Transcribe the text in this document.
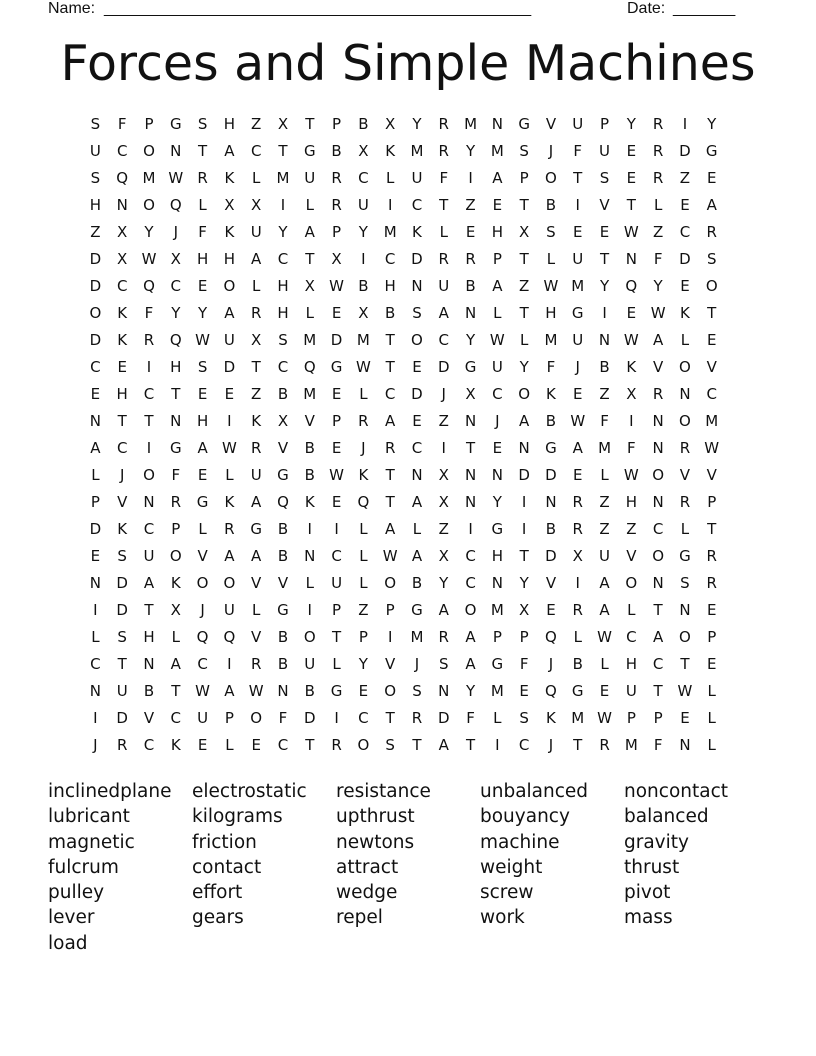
Name: ________________________________________________	Date: _______
Forces and Simple Machines
S	F	P	G	S	H	Z	X	T	P	B	X	Y	R	M N	G	V	U	P	Y	R	I	Y
U	C	O	N	T	A	C	T	G	B	X	K	M	R	Y	M	S	J	F	U	E	R	D	G
S	Q M W R	K	L	M U	R	C	L	U	F	I	A	P	O	T	S	E	R	Z	E
H	N	O Q	L	X	X	I	L	R	U	I	C	T	Z	E	T	B	I	V	T	L	E	A
Z	X	Y	J	F	K	U	Y	A	P	Y	M	K	L	E	H	X	S	E	E W Z	C	R
D	X W X	H	H	A	C	T	X	I	C	D	R	R	P	T	L	U	T	N	F	D	S
D	C	Q	C	E	O	L	H	X W B	H	N	U	B	A	Z W M	Y	Q	Y	E	O
O	K	F	Y	Y	A	R	H	L	E	X	B	S	A	N	L	T	H	G	I	E W K	T
D	K	R	Q W U	X	S	M D M	T	O	C	Y W	L	M U	N W A	L	E
C	E	I	H	S	D	T	C	Q	G W T	E	D	G	U	Y	F	J	B	K	V	O	V
E	H	C	T	E	E	Z	B	M	E	L	C	D	J	X	C	O	K	E	Z	X	R	N	C
N	T	T	N	H	I	K	X	V	P	R	A	E	Z	N	J	A	B W	F	I	N	O M
A	C	I	G	A W R	V	B	E	J	R	C	I	T	E	N	G	A	M	F	N	R W
L	J	O	F	E	L	U	G	B W K	T	N	X	N	N	D	D	E	L	W O	V	V
P	V	N	R	G	K	A	Q	K	E	Q	T	A	X	N	Y	I	N	R	Z	H	N	R	P
D	K	C	P	L	R	G	B	I	I	L	A	L	Z	I	G	I	B	R	Z	Z	C	L	T
E	S	U	O	V	A	A	B	N	C	L	W A	X	C	H	T	D	X	U	V	O	G	R
N	D	A	K	O O	V	V	L	U	L	O	B	Y	C	N	Y	V	I	A	O	N	S	R
I	D	T	X	J	U	L	G	I	P	Z	P	G	A	O M	X	E	R	A	L	T	N	E
L	S	H	L	Q Q	V	B	O	T	P	I	M	R	A	P	P	Q	L	W C	A	O	P
C	T	N	A	C	I	R	B	U	L	Y	V	J	S	A	G	F	J	B	L	H	C	T	E
N	U	B	T W A W N	B	G	E	O	S	N	Y	M	E	Q	G	E	U	T W	L
I	D	V	C	U	P	O	F	D	I	C	T	R	D	F	L	S	K	M W P	P	E	L
J	R	C	K	E	L	E	C	T	R	O	S	T	A	T	I	C	J	T	R	M	F	N	L
inclinedplane	electrostatic	resistance	unbalanced	noncontact
lubricant	kilograms	upthrust	bouyancy	balanced
magnetic	friction	newtons	machine	gravity
fulcrum	contact	attract	weight	thrust
pulley	effort	wedge	screw	pivot
lever	gears	repel	work	mass
load
